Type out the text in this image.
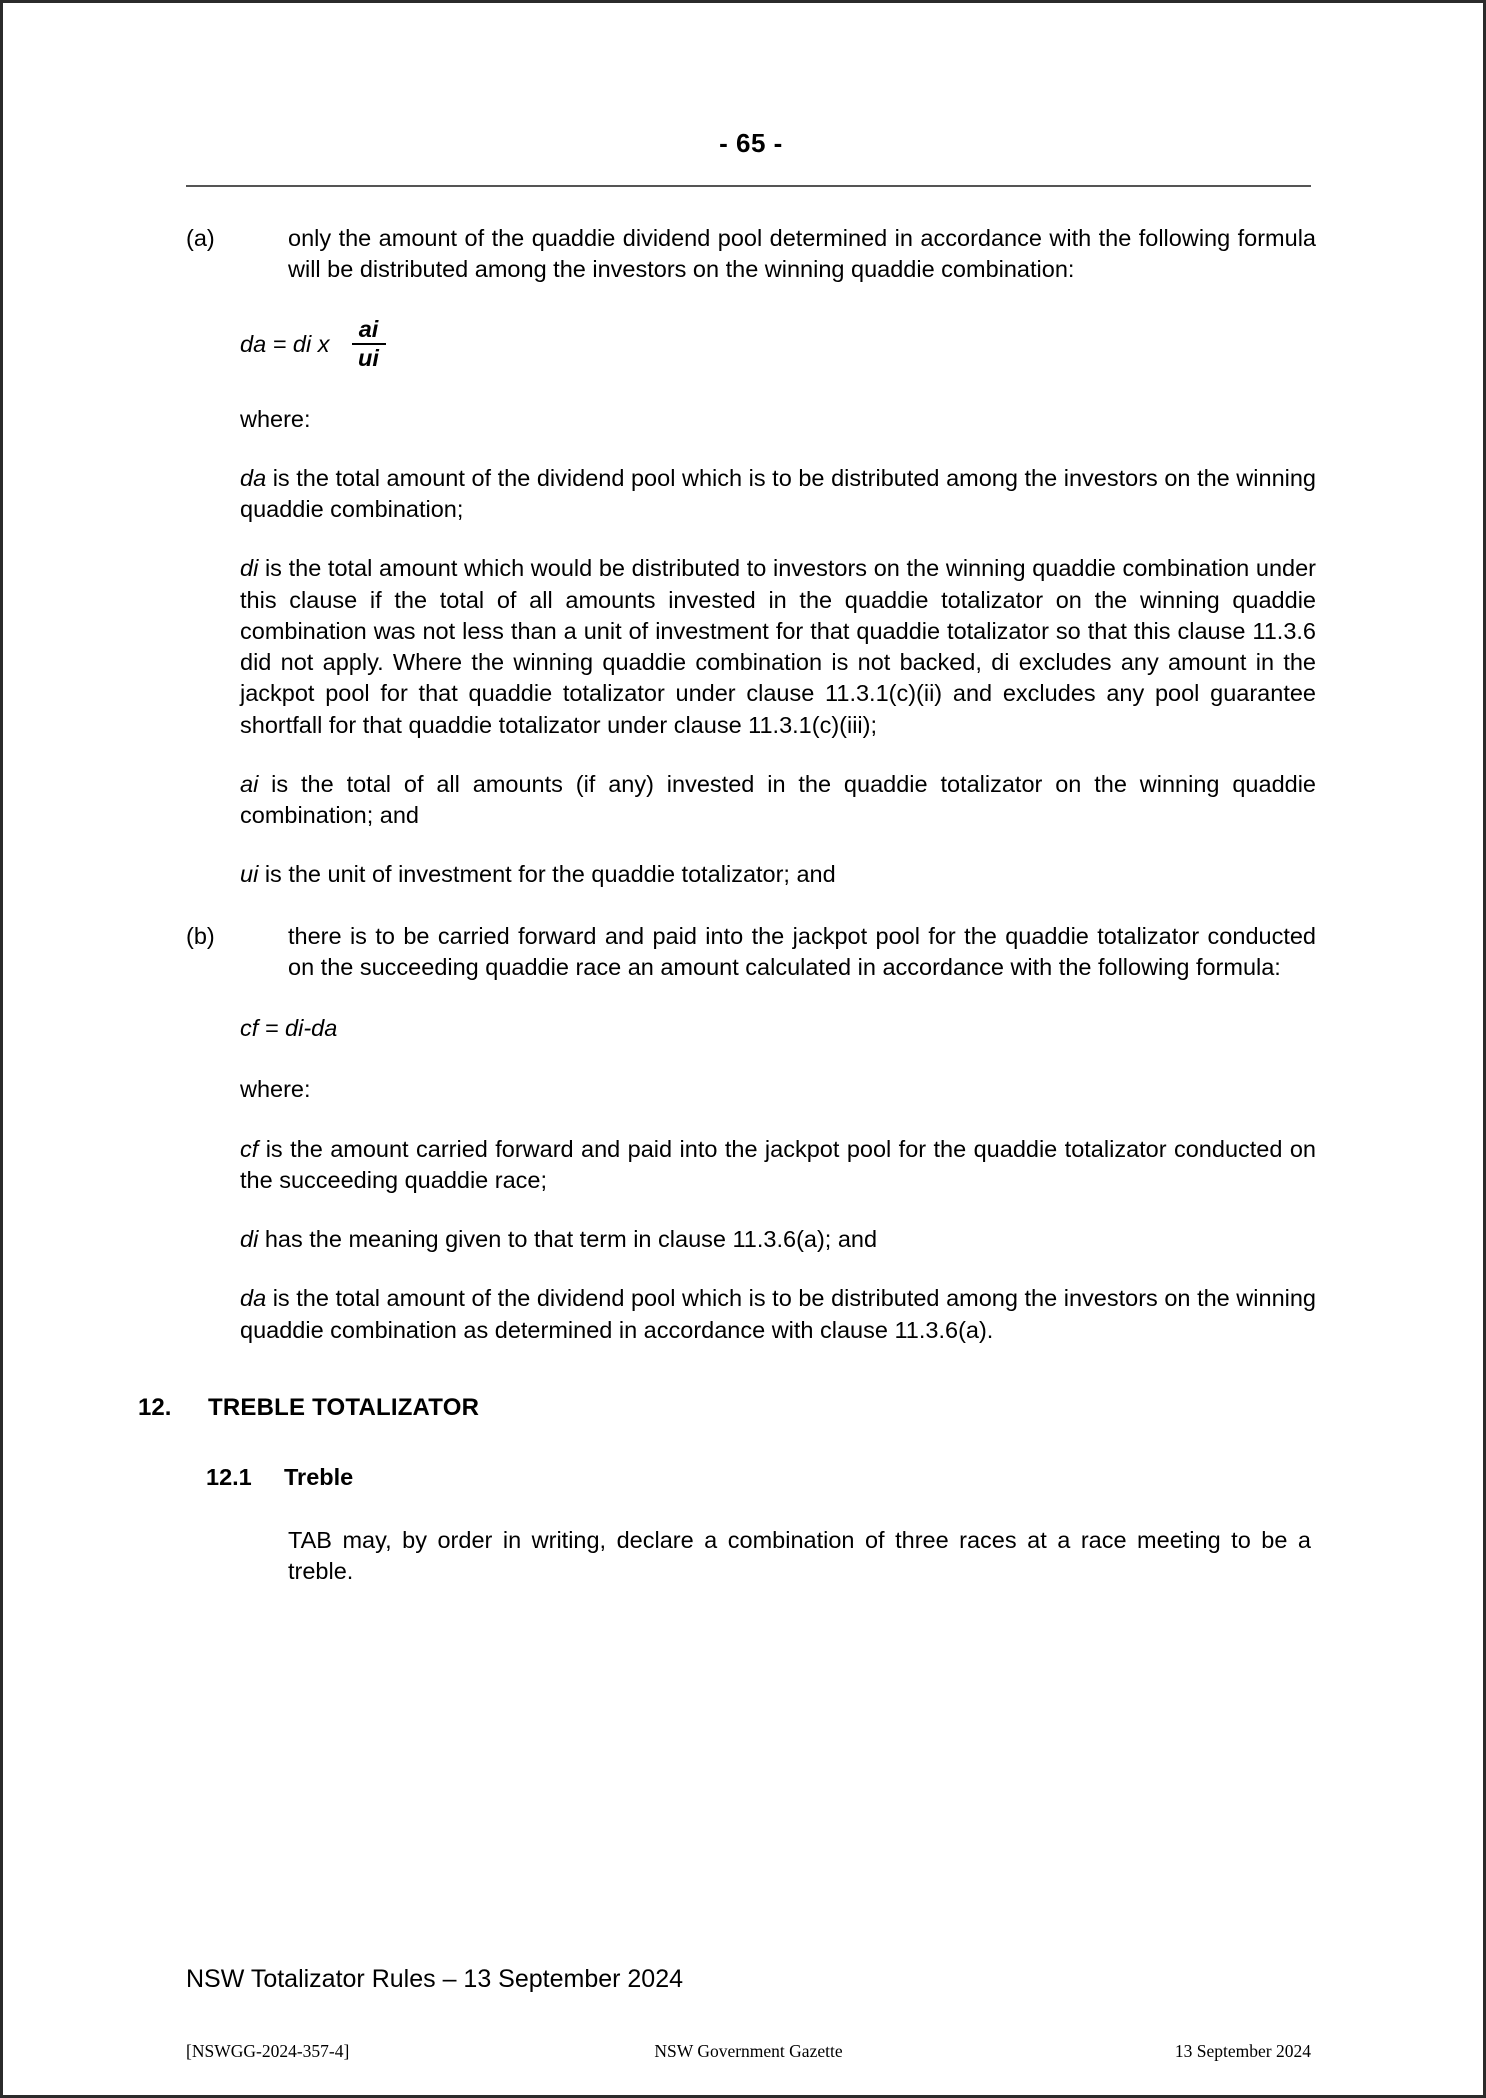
- 65 -
(a)	only the amount of the quaddie dividend pool determined in accordance with the following formula will be distributed among the investors on the winning quaddie combination:
da = di x $\frac{ai}{ui}$
where:
da is the total amount of the dividend pool which is to be distributed among the investors on the winning quaddie combination;
di is the total amount which would be distributed to investors on the winning quaddie combination under this clause if the total of all amounts invested in the quaddie totalizator on the winning quaddie combination was not less than a unit of investment for that quaddie totalizator so that this clause 11.3.6 did not apply. Where the winning quaddie combination is not backed, di excludes any amount in the jackpot pool for that quaddie totalizator under clause 11.3.1(c)(ii) and excludes any pool guarantee shortfall for that quaddie totalizator under clause 11.3.1(c)(iii);
ai is the total of all amounts (if any) invested in the quaddie totalizator on the winning quaddie combination; and
ui is the unit of investment for the quaddie totalizator; and
(b)	there is to be carried forward and paid into the jackpot pool for the quaddie totalizator conducted on the succeeding quaddie race an amount calculated in accordance with the following formula:
cf = di-da
where:
cf is the amount carried forward and paid into the jackpot pool for the quaddie totalizator conducted on the succeeding quaddie race;
di has the meaning given to that term in clause 11.3.6(a); and
da is the total amount of the dividend pool which is to be distributed among the investors on the winning quaddie combination as determined in accordance with clause 11.3.6(a).
12.	TREBLE TOTALIZATOR
12.1	Treble
TAB may, by order in writing, declare a combination of three races at a race meeting to be a treble.
NSW Totalizator Rules – 13 September 2024
[NSWGG-2024-357-4]	NSW Government Gazette	13 September 2024
